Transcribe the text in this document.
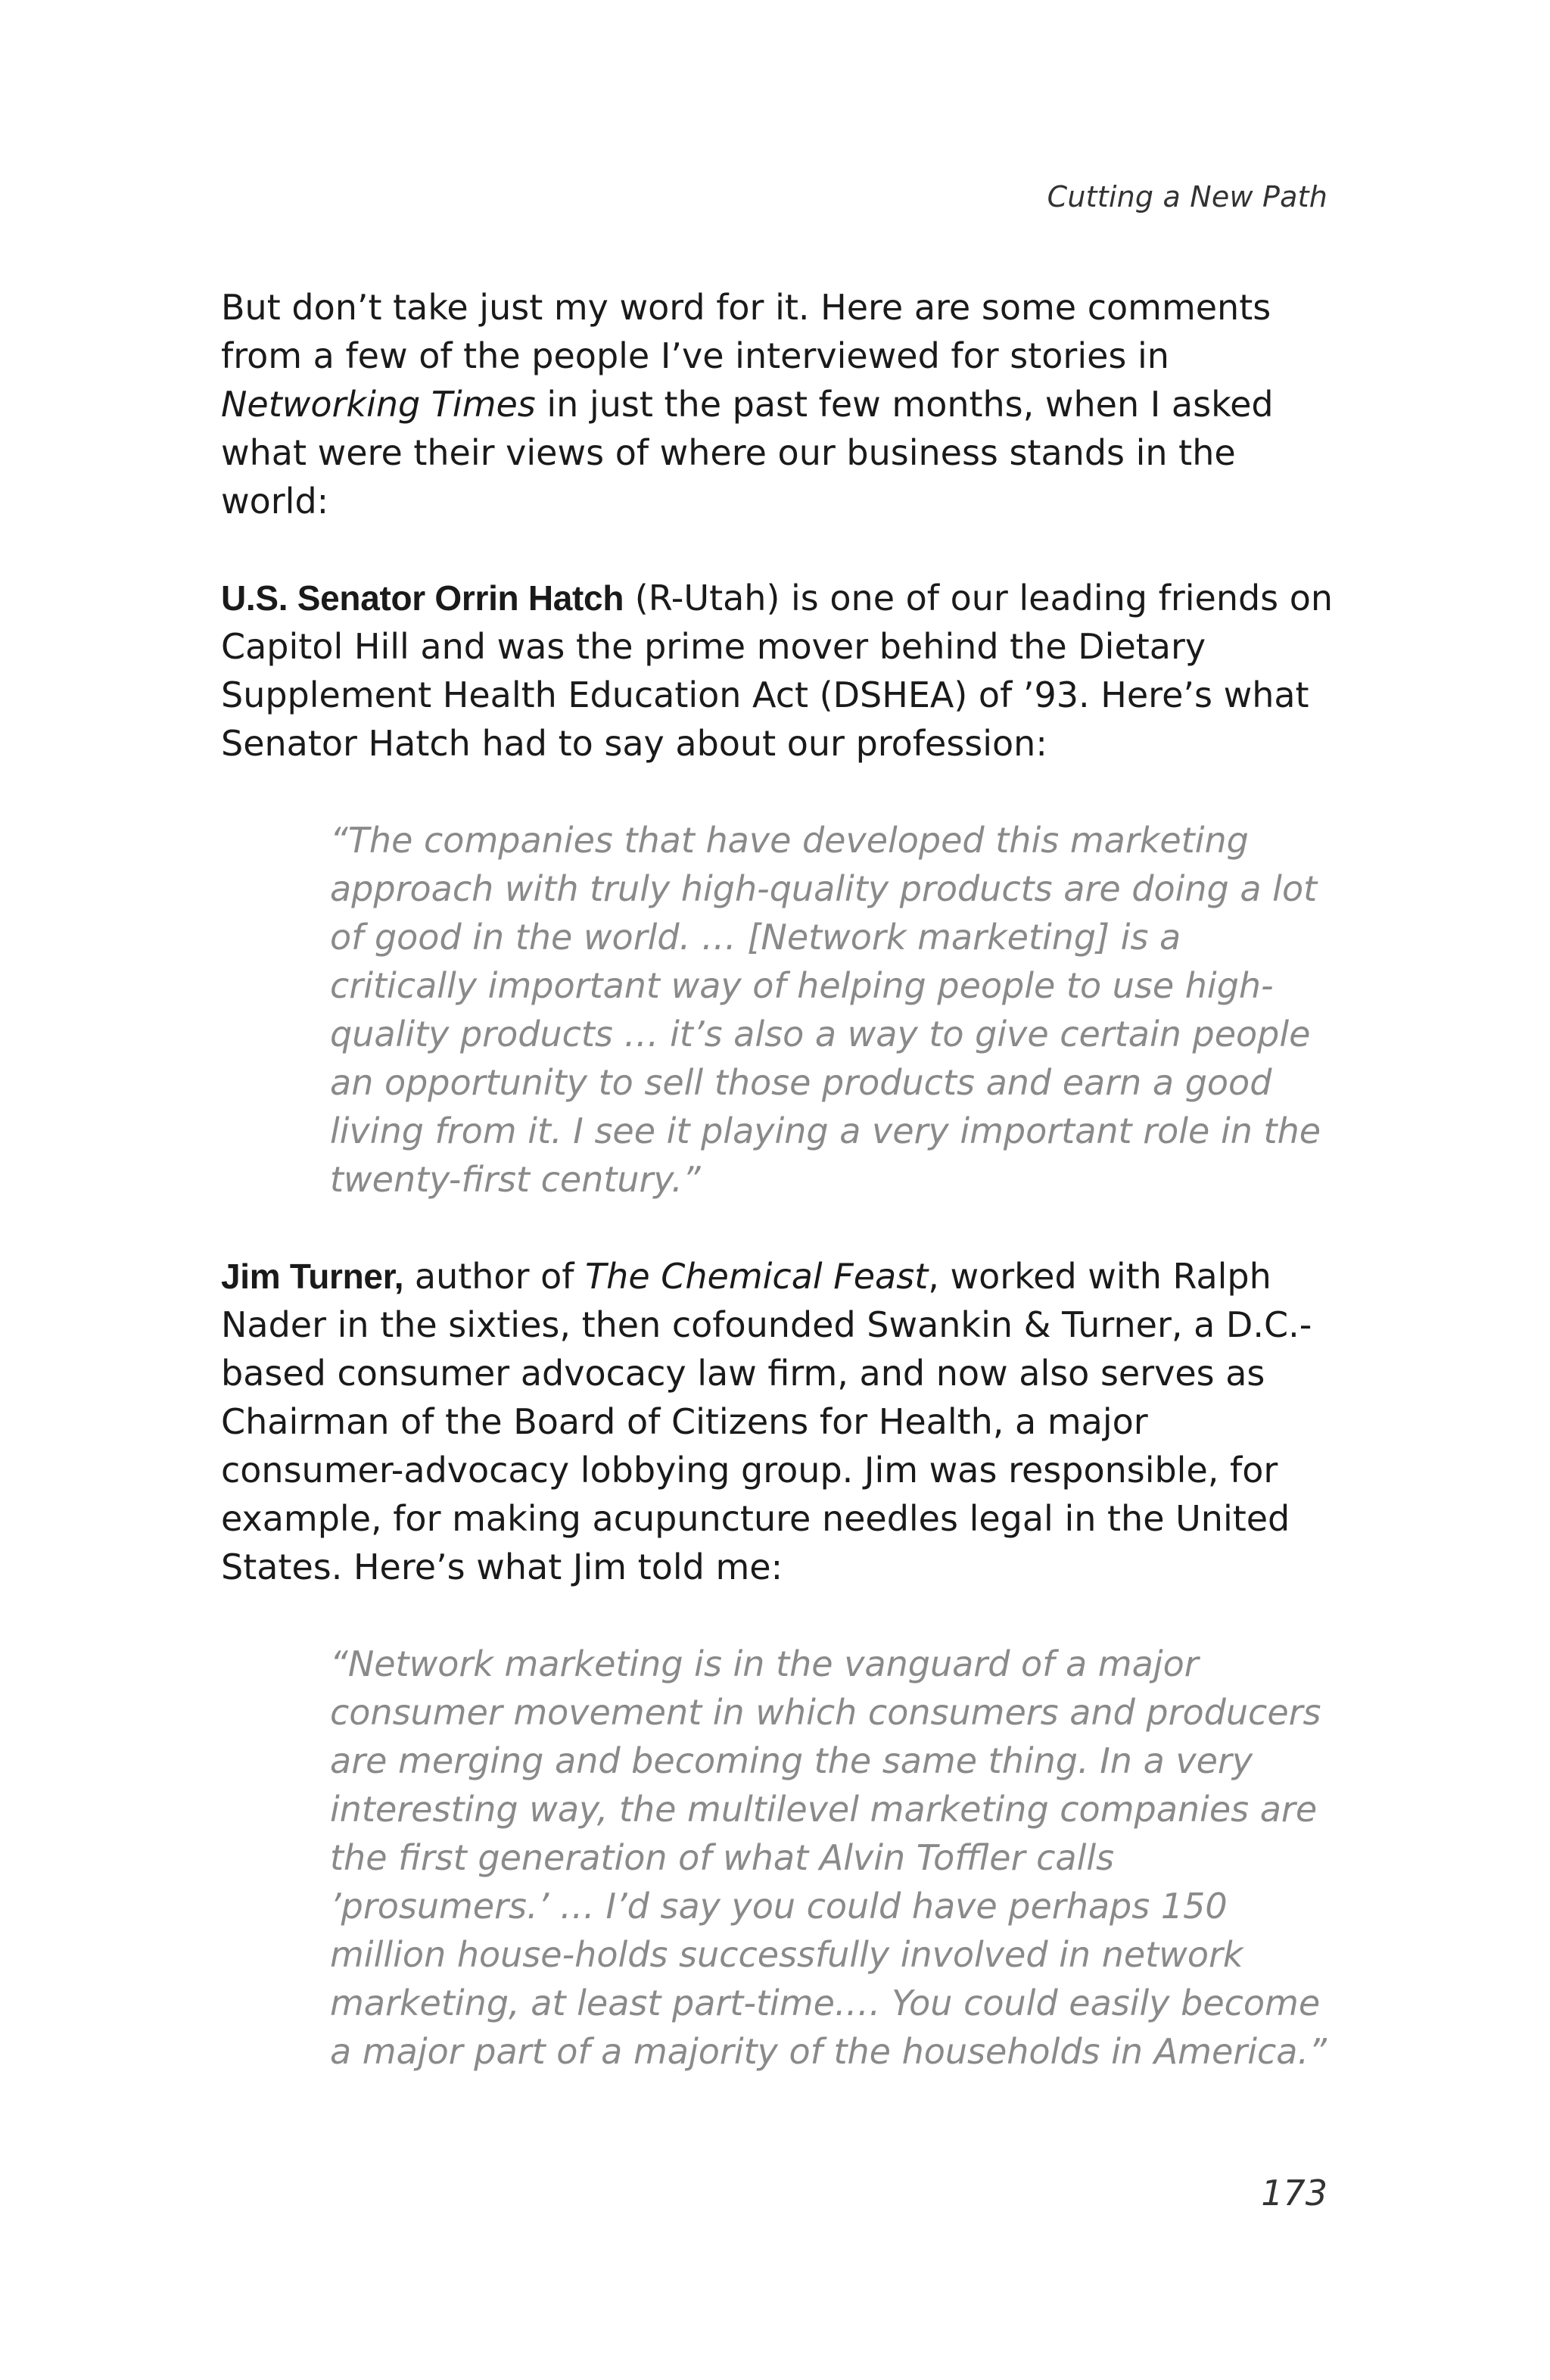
Cutting a New Path

But don’t take just my word for it. Here are some comments from a few of the people I’ve interviewed for stories in Networking Times in just the past few months, when I asked what were their views of where our business stands in the world:

U.S. Senator Orrin Hatch (R-Utah) is one of our leading friends on Capitol Hill and was the prime mover behind the Dietary Supplement Health Education Act (DSHEA) of ’93. Here’s what Senator Hatch had to say about our profession:

“The companies that have developed this marketing approach with truly high-quality products are doing a lot of good in the world. … [Network marketing] is a critically important way of helping people to use high-quality products … it’s also a way to give certain people an opportunity to sell those products and earn a good living from it. I see it playing a very important role in the twenty-first century.”

Jim Turner, author of The Chemical Feast, worked with Ralph Nader in the sixties, then cofounded Swankin & Turner, a D.C.-based consumer advocacy law firm, and now also serves as Chairman of the Board of Citizens for Health, a major consumer-advocacy lobbying group. Jim was responsible, for example, for making acupuncture needles legal in the United States. Here’s what Jim told me:

“Network marketing is in the vanguard of a major consumer movement in which consumers and producers are merging and becoming the same thing. In a very interesting way, the multilevel marketing companies are the first generation of what Alvin Toffler calls ’prosumers.’ … I’d say you could have perhaps 150 million house-holds successfully involved in network marketing, at least part-time.… You could easily become a major part of a majority of the households in America.”

173
